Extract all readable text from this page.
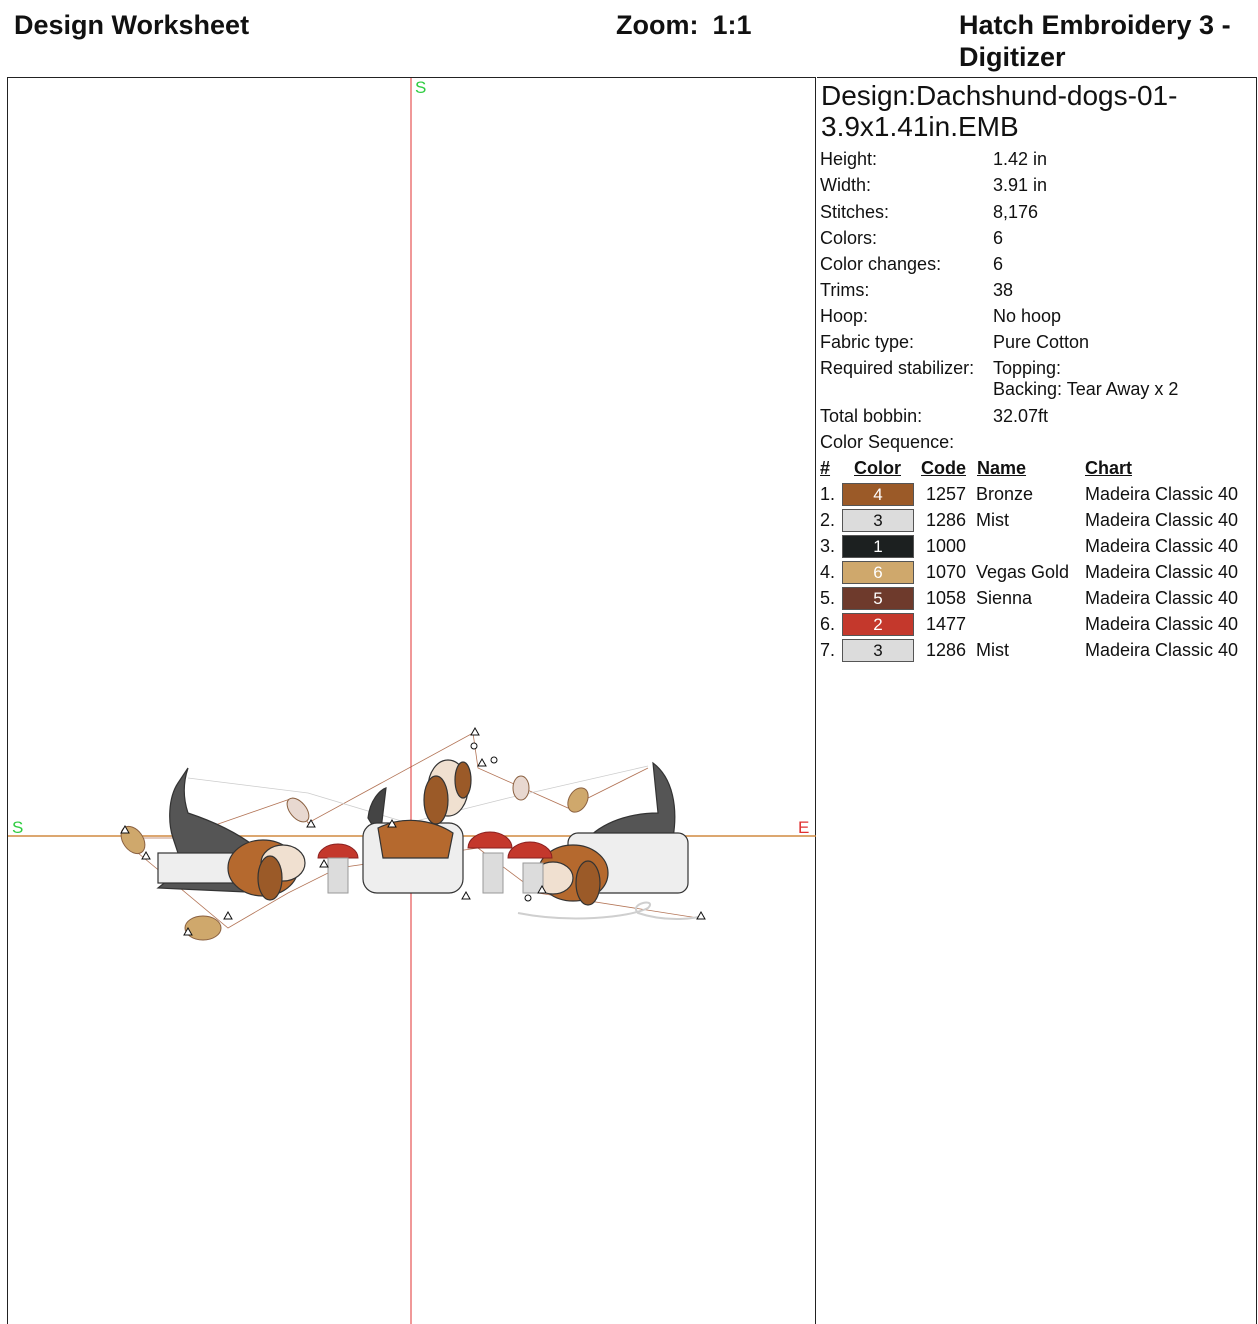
Design Worksheet	Zoom: 1:1	Hatch Embroidery 3 - Digitizer
S
S	E
Design:Dachshund-dogs-01-3.9x1.41in.EMB
Height:	1.42 in
Width:	3.91 in
Stitches:	8,176
Colors:	6
Color changes:	6
Trims:	38
Hoop:	No hoop
Fabric type:	Pure Cotton
Required stabilizer: Topping:
Backing: Tear Away x 2
Total bobbin:	32.07ft
Color Sequence:
# Color Code Name	Chart
1.	4	1257 Bronze	Madeira Classic 40
2.	3	1286 Mist	Madeira Classic 40
3.	1	1000	Madeira Classic 40
4.	6	1070 Vegas Gold Madeira Classic 40
5.	5	1058 Sienna	Madeira Classic 40
6.	2	1477	Madeira Classic 40
7.	3	1286 Mist	Madeira Classic 40
